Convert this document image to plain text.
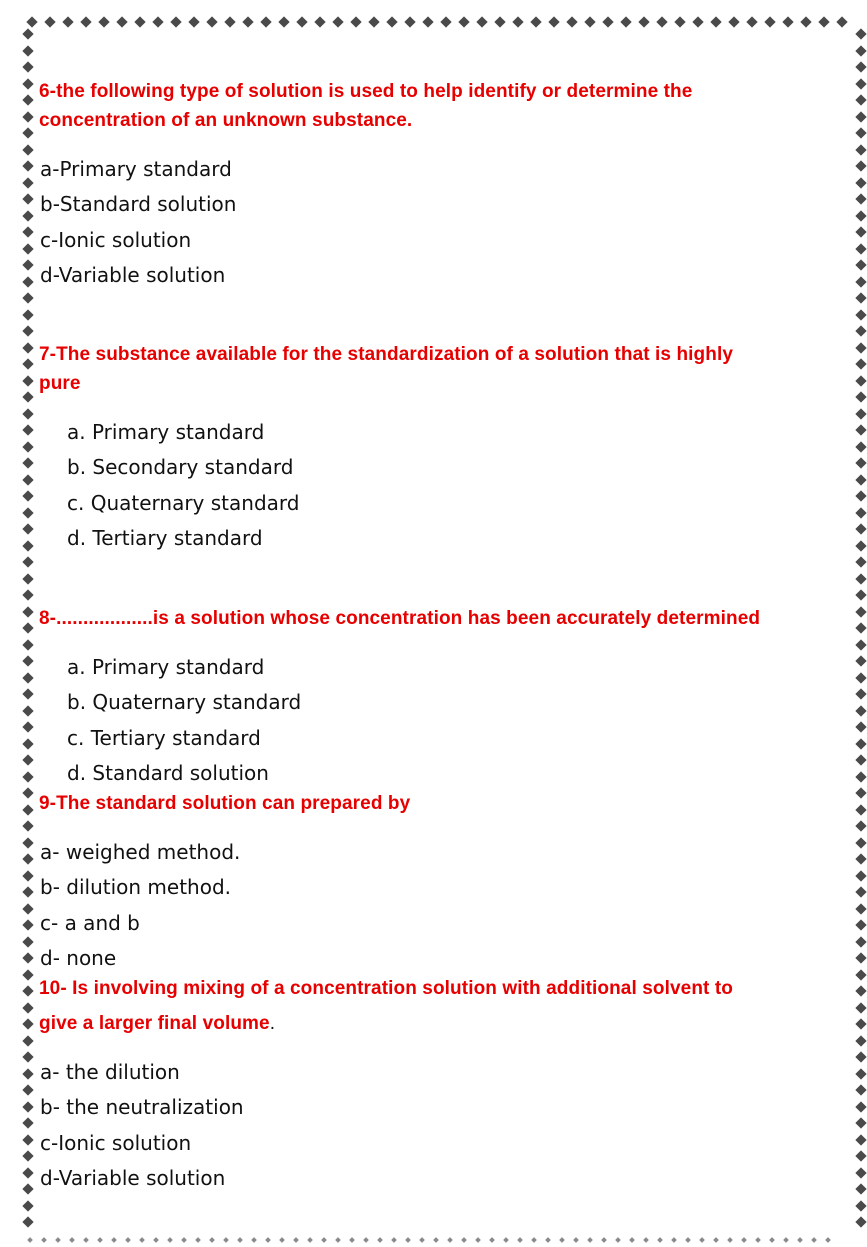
6-the following type of solution is used to help identify or determine the
concentration of an unknown substance.
a-Primary standard
b-Standard solution
c-Ionic solution
d-Variable solution
7-The substance available for the standardization of a solution that is highly
pure
a. Primary standard
b. Secondary standard
c. Quaternary standard
d. Tertiary standard
8-..................is a solution whose concentration has been accurately determined
a. Primary standard
b. Quaternary standard
c. Tertiary standard
d. Standard solution
9-The standard solution can prepared by
a- weighed method.
b- dilution method.
c- a and b
d- none
10- Is involving mixing of a concentration solution with additional solvent to
give a larger final volume.
a- the dilution
b- the neutralization
c-Ionic solution
d-Variable solution
